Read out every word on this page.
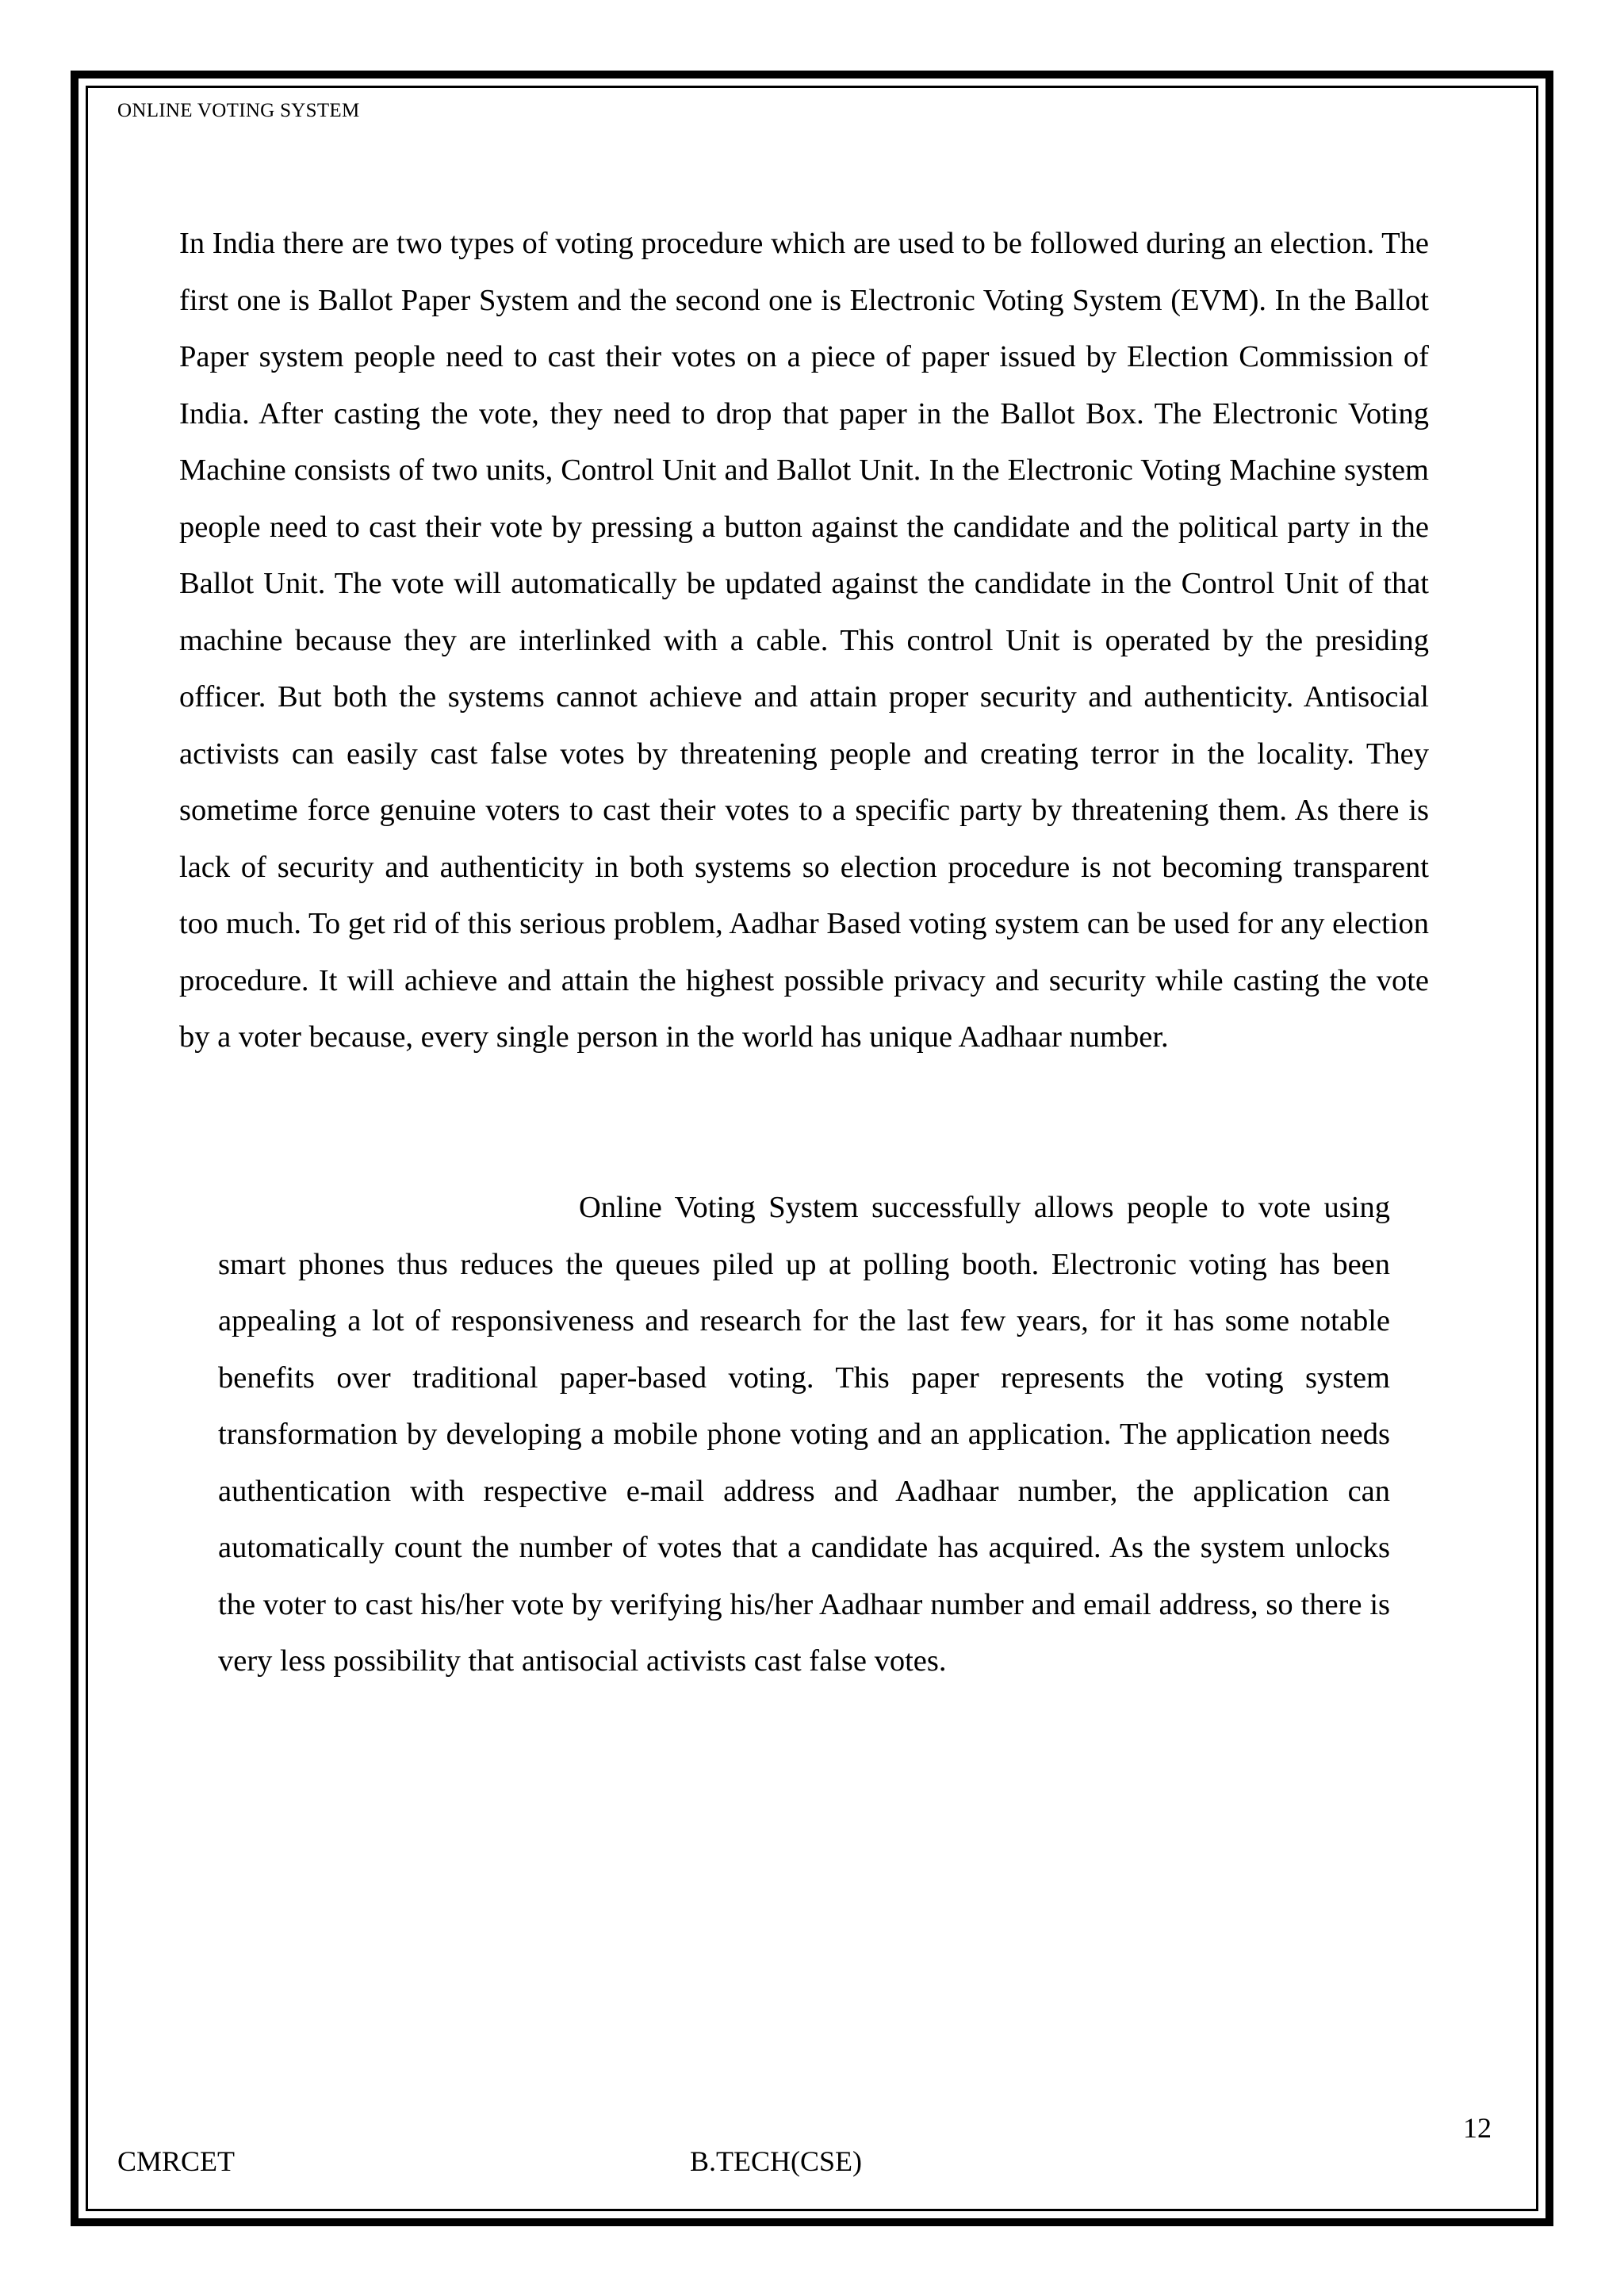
ONLINE VOTING SYSTEM

In India there are two types of voting procedure which are used to be followed during an election. The first one is Ballot Paper System and the second one is Electronic Voting System (EVM). In the Ballot Paper system people need to cast their votes on a piece of paper issued by Election Commission of India. After casting the vote, they need to drop that paper in the Ballot Box. The Electronic Voting Machine consists of two units, Control Unit and Ballot Unit. In the Electronic Voting Machine system people need to cast their vote by pressing a button against the candidate and the political party in the Ballot Unit. The vote will automatically be updated against the candidate in the Control Unit of that machine because they are interlinked with a cable. This control Unit is operated by the presiding officer. But both the systems cannot achieve and attain proper security and authenticity. Antisocial activists can easily cast false votes by threatening people and creating terror in the locality. They sometime force genuine voters to cast their votes to a specific party by threatening them. As there is lack of security and authenticity in both systems so election procedure is not becoming transparent too much. To get rid of this serious problem, Aadhar Based voting system can be used for any election procedure. It will achieve and attain the highest possible privacy and security while casting the vote by a voter because, every single person in the world has unique Aadhaar number.

Online Voting System successfully allows people to vote using smart phones thus reduces the queues piled up at polling booth. Electronic voting has been appealing a lot of responsiveness and research for the last few years, for it has some notable benefits over traditional paper-based voting. This paper represents the voting system transformation by developing a mobile phone voting and an application. The application needs authentication with respective e-mail address and Aadhaar number, the application can automatically count the number of votes that a candidate has acquired. As the system unlocks the voter to cast his/her vote by verifying his/her Aadhaar number and email address, so there is very less possibility that antisocial activists cast false votes.

12
CMRCET	B.TECH(CSE)
